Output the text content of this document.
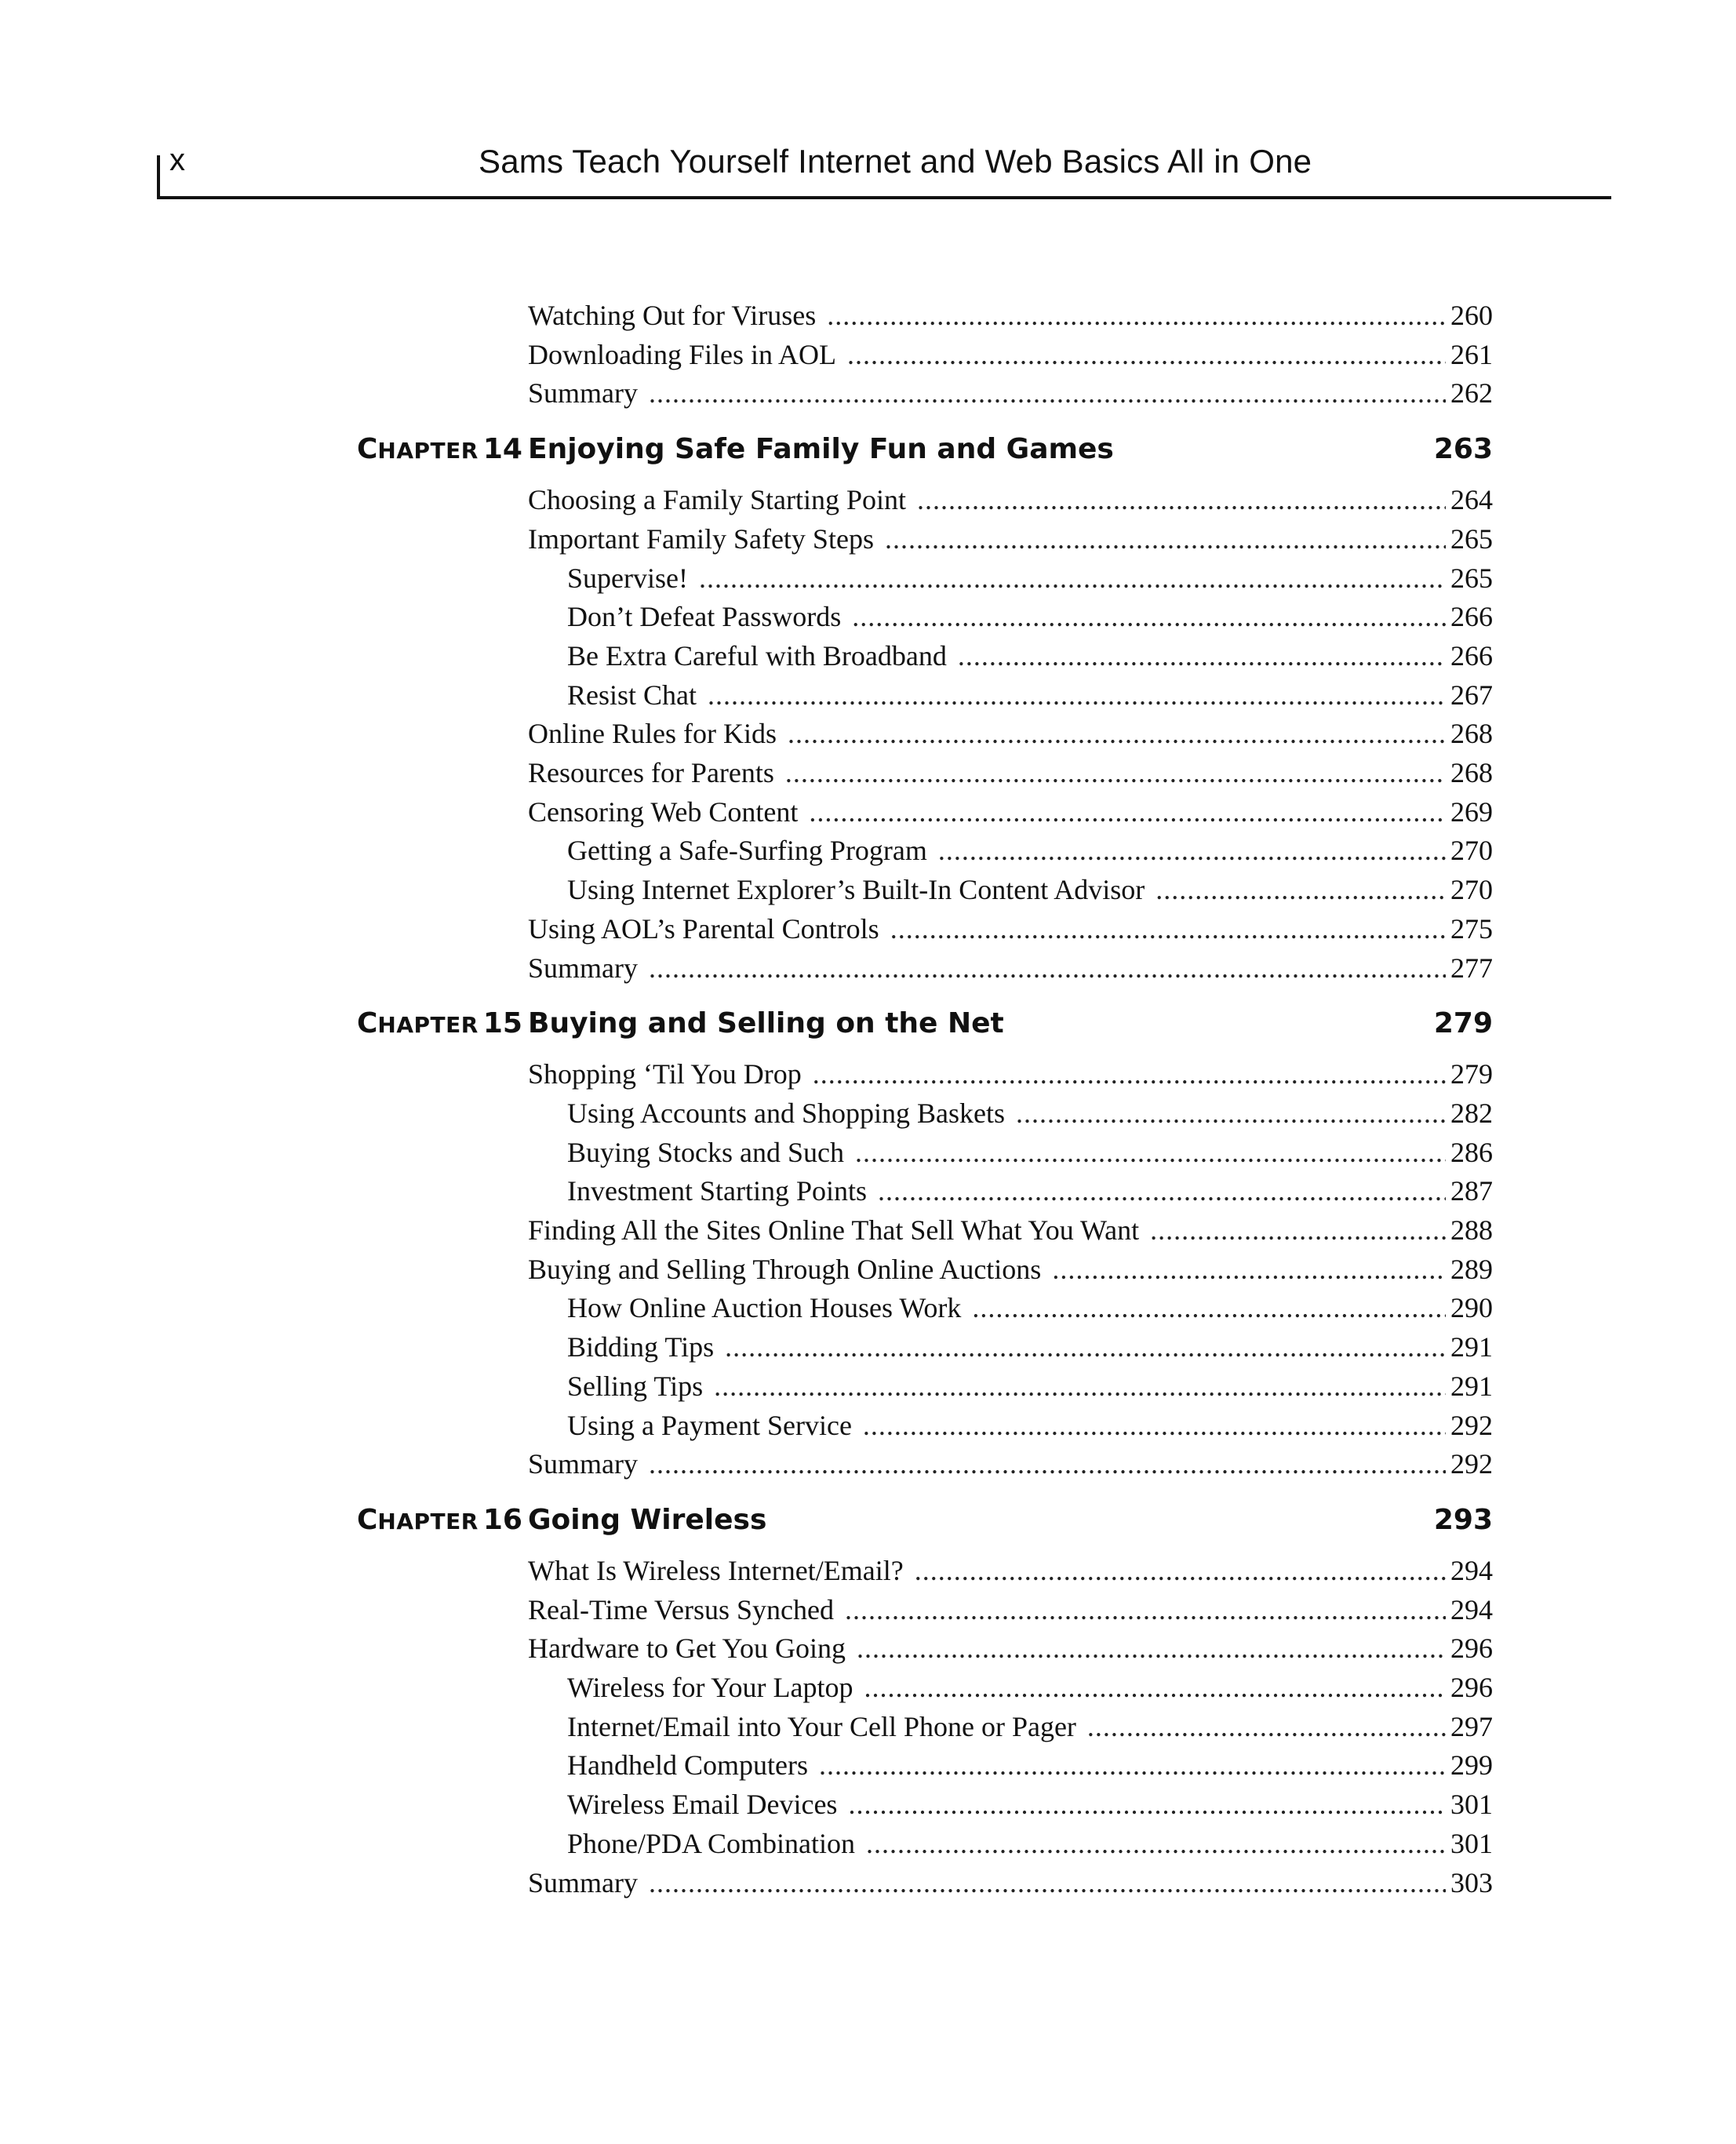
x	Sams Teach Yourself Internet and Web Basics All in One
Watching Out for Viruses .....	260
Downloading Files in AOL .....	261
Summary .....	262
CHAPTER 14 Enjoying Safe Family Fun and Games	263
Choosing a Family Starting Point .....	264
Important Family Safety Steps .....	265
Supervise! .....	265
Don’t Defeat Passwords .....	266
Be Extra Careful with Broadband .....	266
Resist Chat .....	267
Online Rules for Kids .....	268
Resources for Parents .....	268
Censoring Web Content .....	269
Getting a Safe-Surfing Program .....	270
Using Internet Explorer’s Built-In Content Advisor .....	270
Using AOL’s Parental Controls .....	275
Summary .....	277
CHAPTER 15 Buying and Selling on the Net	279
Shopping ‘Til You Drop .....	279
Using Accounts and Shopping Baskets .....	282
Buying Stocks and Such .....	286
Investment Starting Points .....	287
Finding All the Sites Online That Sell What You Want .....	288
Buying and Selling Through Online Auctions .....	289
How Online Auction Houses Work .....	290
Bidding Tips .....	291
Selling Tips .....	291
Using a Payment Service .....	292
Summary .....	292
CHAPTER 16 Going Wireless	293
What Is Wireless Internet/Email? .....	294
Real-Time Versus Synched .....	294
Hardware to Get You Going .....	296
Wireless for Your Laptop .....	296
Internet/Email into Your Cell Phone or Pager .....	297
Handheld Computers .....	299
Wireless Email Devices .....	301
Phone/PDA Combination .....	301
Summary .....	303
